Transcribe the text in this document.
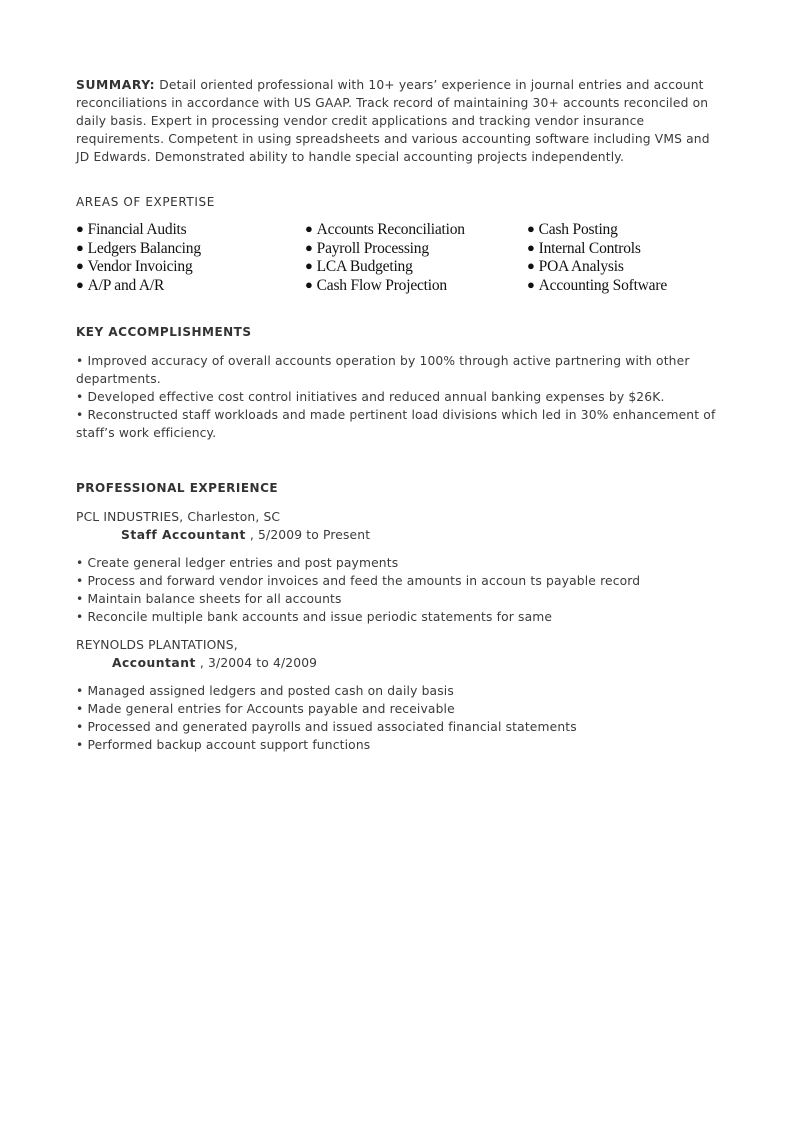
SUMMARY: Detail oriented professional with 10+ years’ experience in journal entries and account reconciliations in accordance with US GAAP. Track record of maintaining 30+ accounts reconciled on daily basis. Expert in processing vendor credit applications and tracking vendor insurance requirements. Competent in using spreadsheets and various accounting software including VMS and JD Edwards. Demonstrated ability to handle special accounting projects independently.
AREAS OF EXPERTISE
● Financial Audits
● Ledgers Balancing
● Vendor Invoicing
● A/P and A/R
● Accounts Reconciliation
● Payroll Processing
● LCA Budgeting
● Cash Flow Projection
● Cash Posting
● Internal Controls
● POA Analysis
● Accounting Software
KEY ACCOMPLISHMENTS
• Improved accuracy of overall accounts operation by 100% through active partnering with other departments.
• Developed effective cost control initiatives and reduced annual banking expenses by $26K.
• Reconstructed staff workloads and made pertinent load divisions which led in 30% enhancement of staff’s work efficiency.
PROFESSIONAL EXPERIENCE
PCL INDUSTRIES, Charleston, SC
Staff Accountant , 5/2009 to Present
• Create general ledger entries and post payments
• Process and forward vendor invoices and feed the amounts in accoun ts payable record
• Maintain balance sheets for all accounts
• Reconcile multiple bank accounts and issue periodic statements for same
REYNOLDS PLANTATIONS,
Accountant , 3/2004 to 4/2009
• Managed assigned ledgers and posted cash on daily basis
• Made general entries for Accounts payable and receivable
• Processed and generated payrolls and issued associated financial statements
• Performed backup account support functions
